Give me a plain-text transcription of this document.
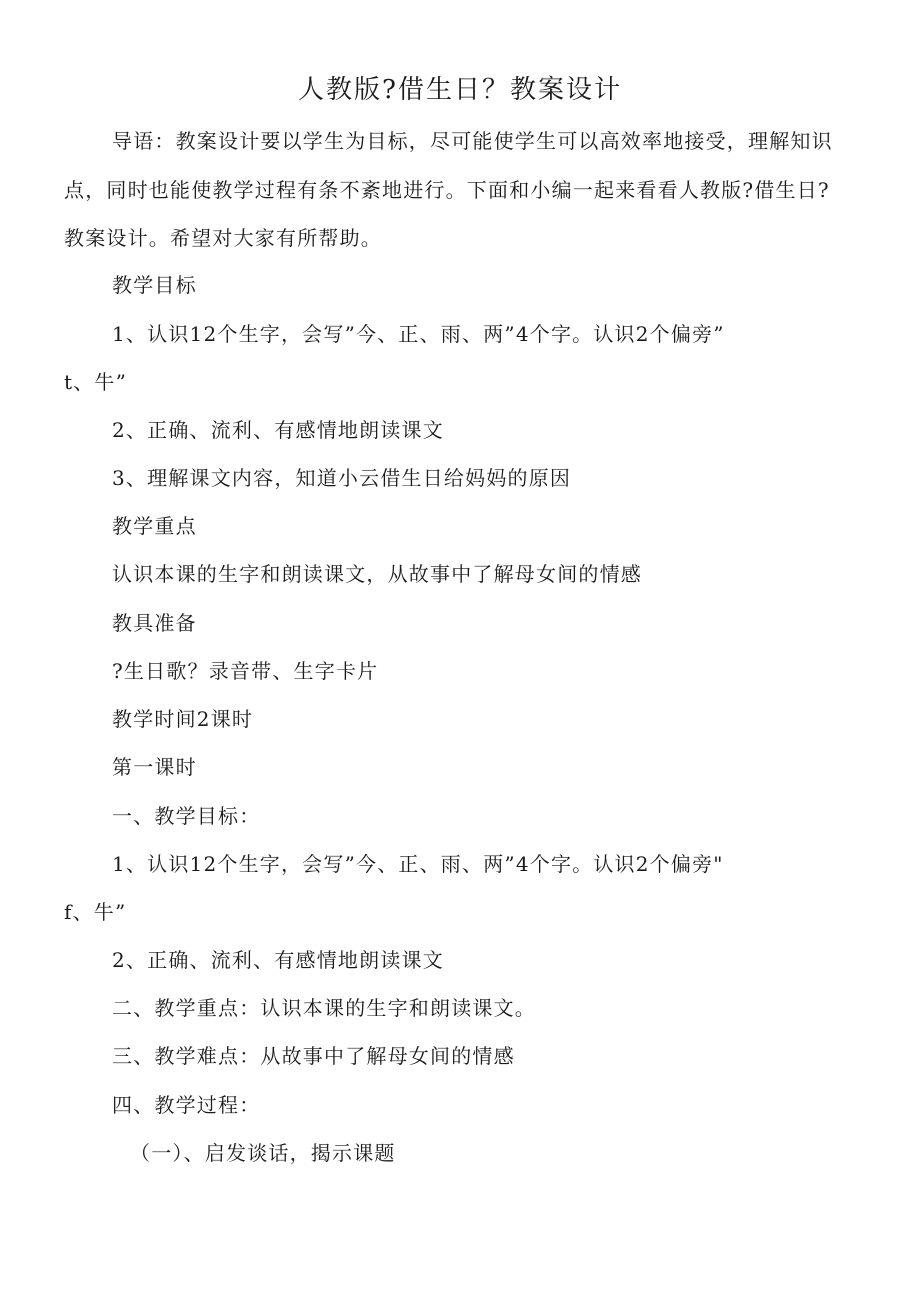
人教版?借生日？教案设计
导语：教案设计要以学生为目标，尽可能使学生可以高效率地接受，理解知识
点，同时也能使教学过程有条不紊地进行。下面和小编一起来看看人教版?借生日?
教案设计。希望对大家有所帮助。
教学目标
1、认识12个生字，会写”今、正、雨、两”4个字。认识2个偏旁”
t、牛”
2、正确、流利、有感情地朗读课文
3、理解课文内容，知道小云借生日给妈妈的原因
教学重点
认识本课的生字和朗读课文，从故事中了解母女间的情感
教具准备
?生日歌？录音带、生字卡片
教学时间2课时
第一课时
一、教学目标：
1、认识12个生字，会写”今、正、雨、两”4个字。认识2个偏旁"
f、牛”
2、正确、流利、有感情地朗读课文
二、教学重点：认识本课的生字和朗读课文。
三、教学难点：从故事中了解母女间的情感
四、教学过程：
（一）、启发谈话，揭示课题
